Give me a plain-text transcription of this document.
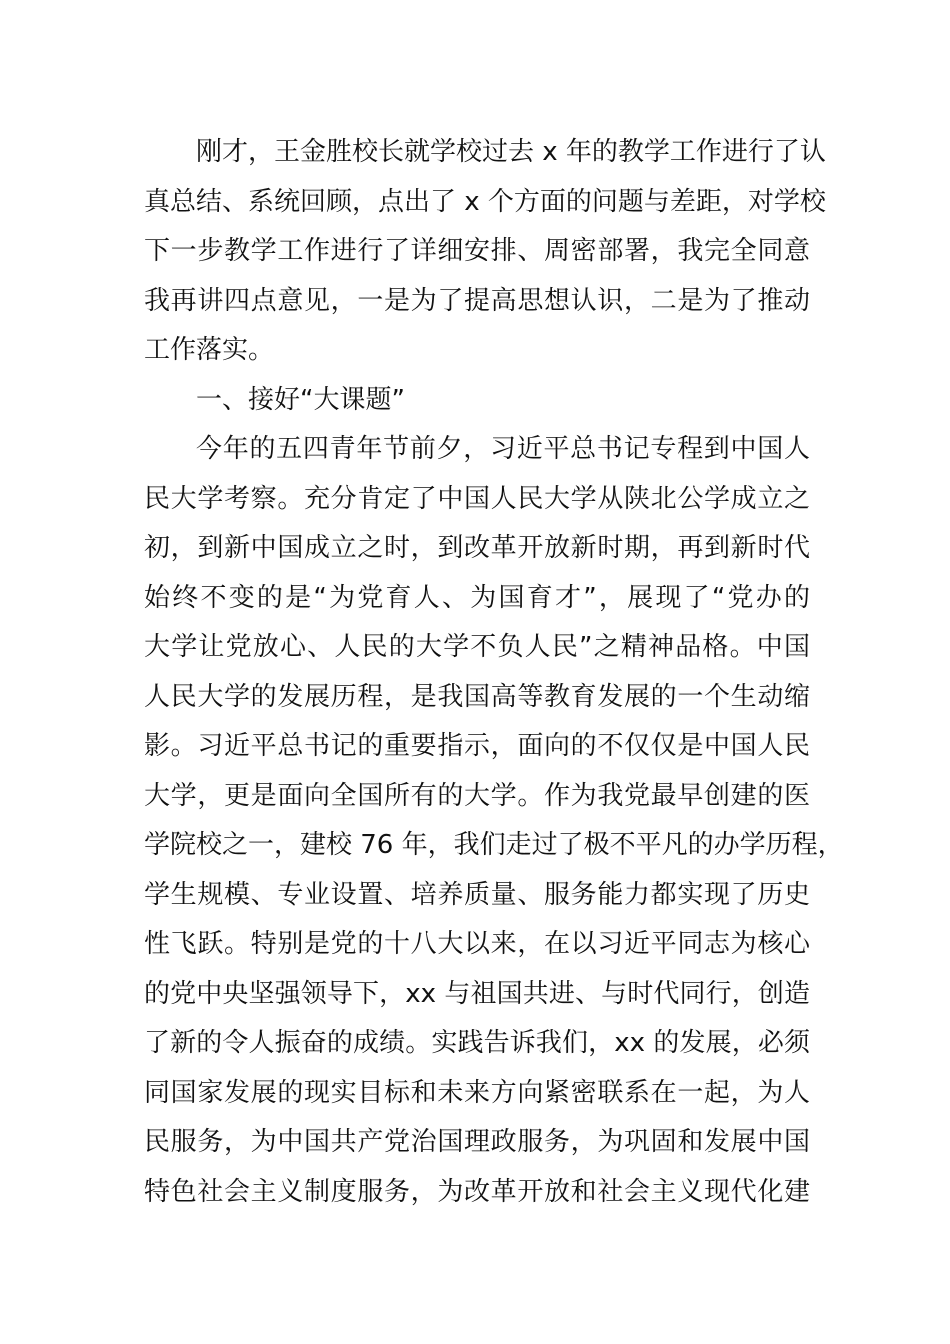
刚才，王金胜校长就学校过去 x 年的教学工作进行了认
真总结、系统回顾，点出了 x 个方面的问题与差距，对学校
下一步教学工作进行了详细安排、周密部署，我完全同意
我再讲四点意见，一是为了提高思想认识，二是为了推动
工作落实。
一、接好“大课题”
今年的五四青年节前夕，习近平总书记专程到中国人
民大学考察。充分肯定了中国人民大学从陕北公学成立之
初，到新中国成立之时，到改革开放新时期，再到新时代
始终不变的是“为党育人、为国育才”，展现了“党办的
大学让党放心、人民的大学不负人民”之精神品格。中国
人民大学的发展历程，是我国高等教育发展的一个生动缩
影。习近平总书记的重要指示，面向的不仅仅是中国人民
大学，更是面向全国所有的大学。作为我党最早创建的医
学院校之一，建校 76 年，我们走过了极不平凡的办学历程，
学生规模、专业设置、培养质量、服务能力都实现了历史
性飞跃。特别是党的十八大以来，在以习近平同志为核心
的党中央坚强领导下，xx 与祖国共进、与时代同行，创造
了新的令人振奋的成绩。实践告诉我们，xx 的发展，必须
同国家发展的现实目标和未来方向紧密联系在一起，为人
民服务，为中国共产党治国理政服务，为巩固和发展中国
特色社会主义制度服务，为改革开放和社会主义现代化建
